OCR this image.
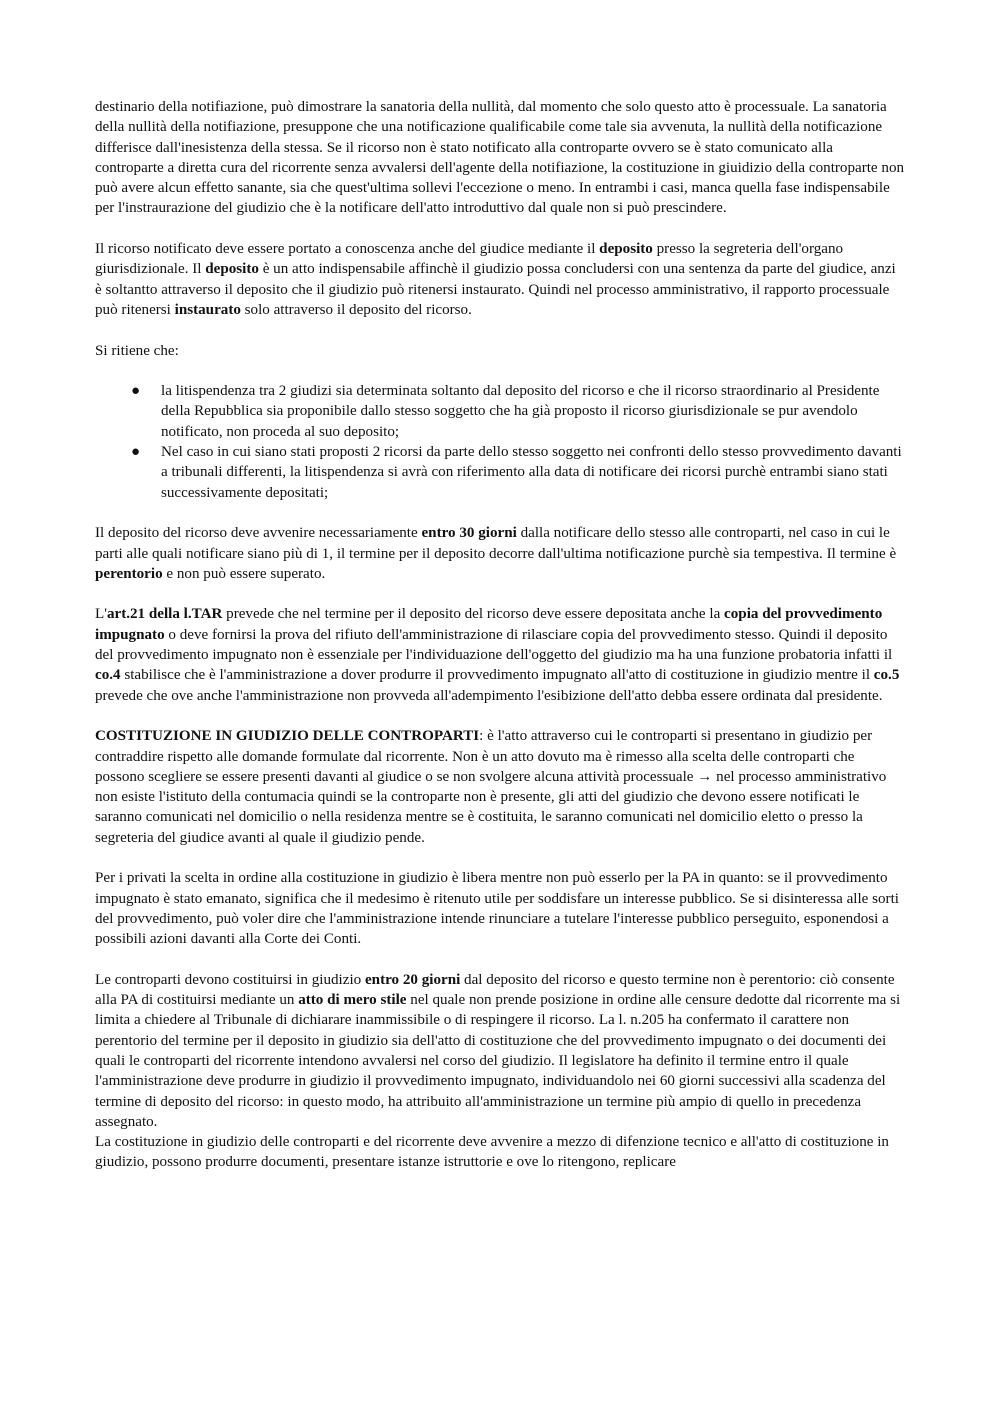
destinario della notifiazione, può dimostrare la sanatoria della nullità, dal momento che solo questo atto è processuale. La sanatoria della nullità della notifiazione, presuppone che una notificazione qualificabile come tale sia avvenuta, la nullità della notificazione differisce dall'inesistenza della stessa. Se il ricorso non è stato notificato alla controparte ovvero se è stato comunicato alla controparte a diretta cura del ricorrente senza avvalersi dell'agente della notifiazione, la costituzione in giuidizio della controparte non può avere alcun effetto sanante, sia che quest'ultima sollevi l'eccezione o meno. In entrambi i casi, manca quella fase indispensabile per l'instraurazione del giudizio che è la notificare dell'atto introduttivo dal quale non si può prescindere.

Il ricorso notificato deve essere portato a conoscenza anche del giudice mediante il deposito presso la segreteria dell'organo giurisdizionale. Il deposito è un atto indispensabile affinchè il giudizio possa concludersi con una sentenza da parte del giudice, anzi è soltantto attraverso il deposito che il giudizio può ritenersi instaurato. Quindi nel processo amministrativo, il rapporto processuale può ritenersi instaurato solo attraverso il deposito del ricorso.

Si ritiene che:

● la litispendenza tra 2 giudizi sia determinata soltanto dal deposito del ricorso e che il ricorso straordinario al Presidente della Repubblica sia proponibile dallo stesso soggetto che ha già proposto il ricorso giurisdizionale se pur avendolo notificato, non proceda al suo deposito;
● Nel caso in cui siano stati proposti 2 ricorsi da parte dello stesso soggetto nei confronti dello stesso provvedimento davanti a tribunali differenti, la litispendenza si avrà con riferimento alla data di notificare dei ricorsi purchè entrambi siano stati successivamente depositati;

Il deposito del ricorso deve avvenire necessariamente entro 30 giorni dalla notificare dello stesso alle controparti, nel caso in cui le parti alle quali notificare siano più di 1, il termine per il deposito decorre dall'ultima notificazione purchè sia tempestiva. Il termine è perentorio e non può essere superato.

L'art.21 della l.TAR prevede che nel termine per il deposito del ricorso deve essere depositata anche la copia del provvedimento impugnato o deve fornirsi la prova del rifiuto dell'amministrazione di rilasciare copia del provvedimento stesso. Quindi il deposito del provvedimento impugnato non è essenziale per l'individuazione dell'oggetto del giudizio ma ha una funzione probatoria infatti il co.4 stabilisce che è l'amministrazione a dover produrre il provvedimento impugnato all'atto di costituzione in giudizio mentre il co.5 prevede che ove anche l'amministrazione non provveda all'adempimento l'esibizione dell'atto debba essere ordinata dal presidente.

COSTITUZIONE IN GIUDIZIO DELLE CONTROPARTI: è l'atto attraverso cui le controparti si presentano in giudizio per contraddire rispetto alle domande formulate dal ricorrente. Non è un atto dovuto ma è rimesso alla scelta delle controparti che possono scegliere se essere presenti davanti al giudice o se non svolgere alcuna attività processuale → nel processo amministrativo non esiste l'istituto della contumacia quindi se la controparte non è presente, gli atti del giudizio che devono essere notificati le saranno comunicati nel domicilio o nella residenza mentre se è costituita, le saranno comunicati nel domicilio eletto o presso la segreteria del giudice avanti al quale il giudizio pende.

Per i privati la scelta in ordine alla costituzione in giudizio è libera mentre non può esserlo per la PA in quanto: se il provvedimento impugnato è stato emanato, significa che il medesimo è ritenuto utile per soddisfare un interesse pubblico. Se si disinteressa alle sorti del provvedimento, può voler dire che l'amministrazione intende rinunciare a tutelare l'interesse pubblico perseguito, esponendosi a possibili azioni davanti alla Corte dei Conti.

Le controparti devono costituirsi in giudizio entro 20 giorni dal deposito del ricorso e questo termine non è perentorio: ciò consente alla PA di costituirsi mediante un atto di mero stile nel quale non prende posizione in ordine alle censure dedotte dal ricorrente ma si limita a chiedere al Tribunale di dichiarare inammissibile o di respingere il ricorso. La l. n.205 ha confermato il carattere non perentorio del termine per il deposito in giudizio sia dell'atto di costituzione che del provvedimento impugnato o dei documenti dei quali le controparti del ricorrente intendono avvalersi nel corso del giudizio. Il legislatore ha definito il termine entro il quale l'amministrazione deve produrre in giudizio il provvedimento impugnato, individuandolo nei 60 giorni successivi alla scadenza del termine di deposito del ricorso: in questo modo, ha attribuito all'amministrazione un termine più ampio di quello in precedenza assegnato.

La costituzione in giudizio delle controparti e del ricorrente deve avvenire a mezzo di difenzione tecnico e all'atto di costituzione in giudizio, possono produrre documenti, presentare istanze istruttorie e ove lo ritengono, replicare
